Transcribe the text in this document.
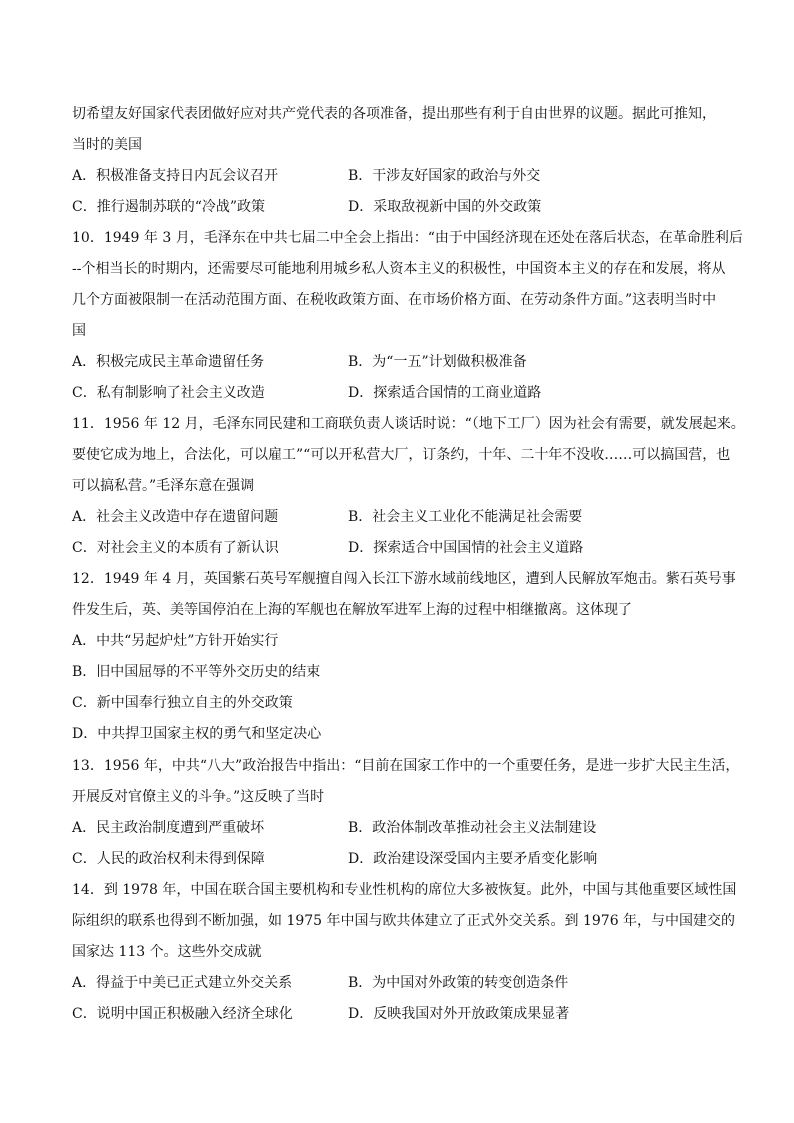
切希望友好国家代表团做好应对共产党代表的各项准备，提出那些有利于自由世界的议题。据此可推知，
当时的美国
A．积极准备支持日内瓦会议召开	B．干涉友好国家的政治与外交
C．推行遏制苏联的“冷战”政策	D．采取敌视新中国的外交政策
10．1949 年 3 月，毛泽东在中共七届二中全会上指出：“由于中国经济现在还处在落后状态，在革命胜利后
--个相当长的时期内，还需要尽可能地利用城乡私人资本主义的积极性，中国资本主义的存在和发展，将从
几个方面被限制一在活动范围方面、在税收政策方面、在市场价格方面、在劳动条件方面。”这表明当时中
国
A．积极完成民主革命遗留任务	B．为“一五”计划做积极准备
C．私有制影响了社会主义改造	D．探索适合国情的工商业道路
11．1956 年 12 月，毛泽东同民建和工商联负责人谈话时说：“（地下工厂）因为社会有需要，就发展起来。
要使它成为地上，合法化，可以雇工”“可以开私营大厂，订条约，十年、二十年不没收……可以搞国营，也
可以搞私营。”毛泽东意在强调
A．社会主义改造中存在遗留问题	B．社会主义工业化不能满足社会需要
C．对社会主义的本质有了新认识	D．探索适合中国国情的社会主义道路
12．1949 年 4 月，英国紫石英号军舰擅自闯入长江下游水域前线地区，遭到人民解放军炮击。紫石英号事
件发生后，英、美等国停泊在上海的军舰也在解放军进军上海的过程中相继撤离。这体现了
A．中共“另起炉灶”方针开始实行
B．旧中国屈辱的不平等外交历史的结束
C．新中国奉行独立自主的外交政策
D．中共捍卫国家主权的勇气和坚定决心
13．1956 年，中共“八大”政治报告中指出：“目前在国家工作中的一个重要任务，是进一步扩大民主生活，
开展反对官僚主义的斗争。”这反映了当时
A．民主政治制度遭到严重破坏	B．政治体制改革推动社会主义法制建设
C．人民的政治权利未得到保障	D．政治建设深受国内主要矛盾变化影响
14．到 1978 年，中国在联合国主要机构和专业性机构的席位大多被恢复。此外，中国与其他重要区域性国
际组织的联系也得到不断加强，如 1975 年中国与欧共体建立了正式外交关系。到 1976 年，与中国建交的
国家达 113 个。这些外交成就
A．得益于中美已正式建立外交关系	B．为中国对外政策的转变创造条件
C．说明中国正积极融入经济全球化	D．反映我国对外开放政策成果显著
